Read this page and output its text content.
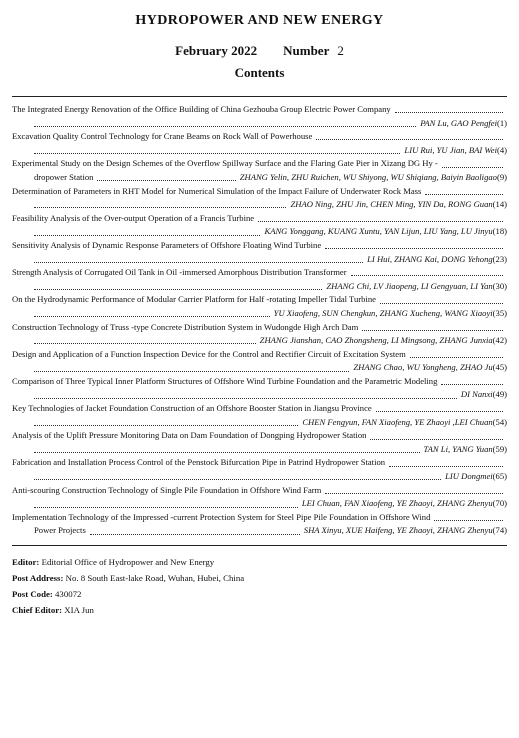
HYDROPOWER AND NEW ENERGY
February 2022 Number 2
Contents
The Integrated Energy Renovation of the Office Building of China Gezhouba Group Electric Power Company
PAN Lu, GAO Pengfei (1)
Excavation Quality Control Technology for Crane Beams on Rock Wall of Powerhouse
LIU Rui, YU Jian, BAI Wei (4)
Experimental Study on the Design Schemes of the Overflow Spillway Surface and the Flaring Gate Pier in Xizang DG Hy -
dropower Station	ZHANG Yelin, ZHU Ruichen, WU Shiyong, WU Shiqiang, Baiyin Baoligao (9)
Determination of Parameters in RHT Model for Numerical Simulation of the Impact Failure of Underwater Rock Mass
ZHAO Ning, ZHU Jin, CHEN Ming, YIN Da, RONG Guan (14)
Feasibility Analysis of the Over-output Operation of a Francis Turbine
KANG Yonggang, KUANG Xuntu, YAN Lijun, LIU Yang, LU Jinyu (18)
Sensitivity Analysis of Dynamic Response Parameters of Offshore Floating Wind Turbine
LI Hui, ZHANG Kai, DONG Yehong (23)
Strength Analysis of Corrugated Oil Tank in Oil -immersed Amorphous Distribution Transformer
ZHANG Chi, LV Jiaopeng, LI Gengyuan, LI Yan (30)
On the Hydrodynamic Performance of Modular Carrier Platform for Half -rotating Impeller Tidal Turbine
YU Xiaofeng, SUN Chengkun, ZHANG Xucheng, WANG Xiaoyi (35)
Construction Technology of Truss -type Concrete Distribution System in Wudongde High Arch Dam
ZHANG Jianshan, CAO Zhongsheng, LI Mingsong, ZHANG Junxia (42)
Design and Application of a Function Inspection Device for the Control and Rectifier Circuit of Excitation System
ZHANG Chao, WU Yongheng, ZHAO Ju (45)
Comparison of Three Typical Inner Platform Structures of Offshore Wind Turbine Foundation and the Parametric Modeling
DI Nanxi (49)
Key Technologies of Jacket Foundation Construction of an Offshore Booster Station in Jiangsu Province
CHEN Fengyun, FAN Xiaofeng, YE Zhaoyi ,LEI Chuan (54)
Analysis of the Uplift Pressure Monitoring Data on Dam Foundation of Dongping Hydropower Station
TAN Li, YANG Yuan (59)
Fabrication and Installation Process Control of the Penstock Bifurcation Pipe in Patrind Hydropower Station
LIU Dongmei (65)
Anti-scouring Construction Technology of Single Pile Foundation in Offshore Wind Farm
LEI Chuan, FAN Xiaofeng, YE Zhaoyi, ZHANG Zhenyu (70)
Implementation Technology of the Impressed -current Protection System for Steel Pipe Pile Foundation in Offshore Wind
Power Projects	SHA Xinyu, XUE Haifeng, YE Zhaoyi, ZHANG Zhenyu (74)
Editor: Editorial Office of Hydropower and New Energy
Post Address: No. 8 South East-lake Road, Wuhan, Hubei, China
Post Code: 430072
Chief Editor: XIA Jun
